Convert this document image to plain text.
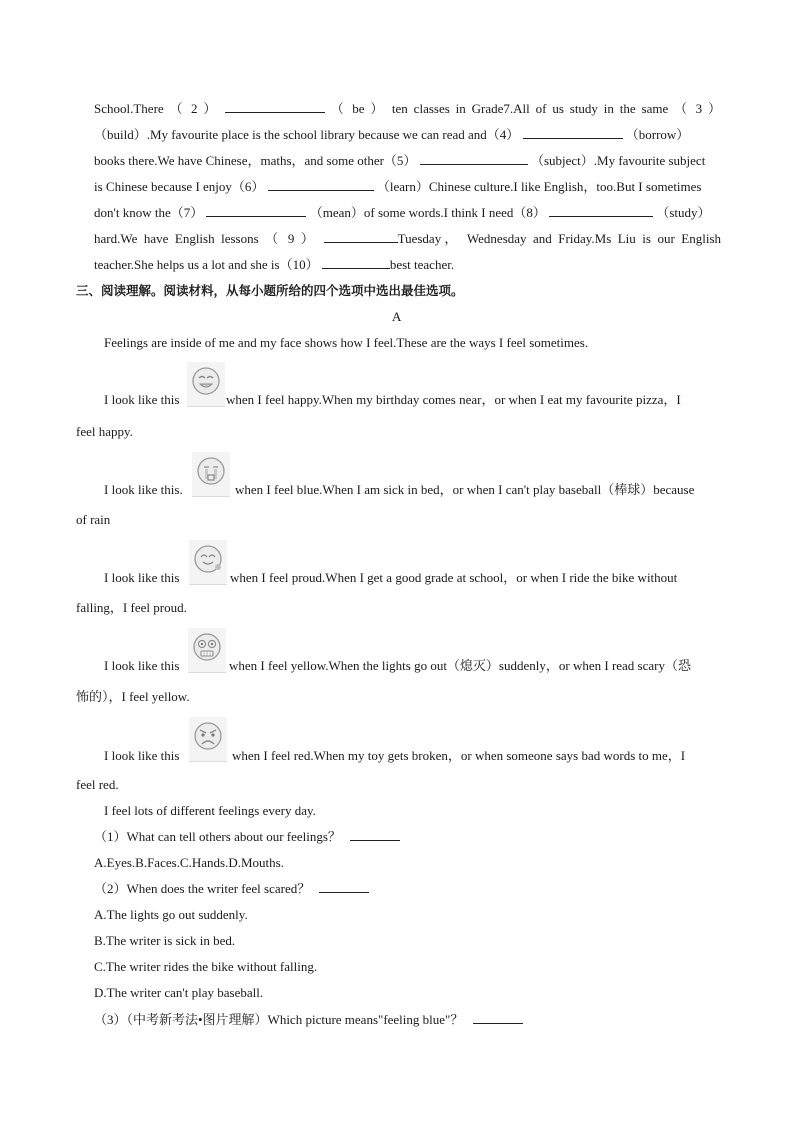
School.There （ 2 ）	（ be ） ten classes in Grade7.All of us study in the same （ 3 ）
（build）.My favourite place is the school library because we can read and（4）	（borrow）
books there.We have Chinese，maths，and some other（5）	（subject）.My favourite subject
is Chinese because I enjoy（6）	（learn）Chinese culture.I like English，too.But I sometimes
don't know the（7）	（mean）of some words.I think I need（8）	（study）
hard.We have English lessons （ 9 ）	Tuesday， Wednesday and Friday.Ms Liu is our English
teacher.She helps us a lot and she is（10）	best teacher.
三、阅读理解。阅读材料，从每小题所给的四个选项中选出最佳选项。
A
Feelings are inside of me and my face shows how I feel.These are the ways I feel sometimes.
I look like this	when I feel happy.When my birthday comes near，or when I eat my favourite pizza，I
feel happy.
I look like this.	when I feel blue.When I am sick in bed，or when I can't play baseball（棒球）because
of rain
I look like this	when I feel proud.When I get a good grade at school，or when I ride the bike without
falling，I feel proud.
I look like this	when I feel yellow.When the lights go out（熄灭）suddenly，or when I read scary（恐
怖的），I feel yellow.
I look like this	when I feel red.When my toy gets broken，or when someone says bad words to me，I
feel red.
I feel lots of different feelings every day.
（1）What can tell others about our feelings？
A.Eyes.B.Faces.C.Hands.D.Mouths.
（2）When does the writer feel scared？
A.The lights go out suddenly.
B.The writer is sick in bed.
C.The writer rides the bike without falling.
D.The writer can't play baseball.
（3）（中考新考法•图片理解）Which picture means"feeling blue"？
